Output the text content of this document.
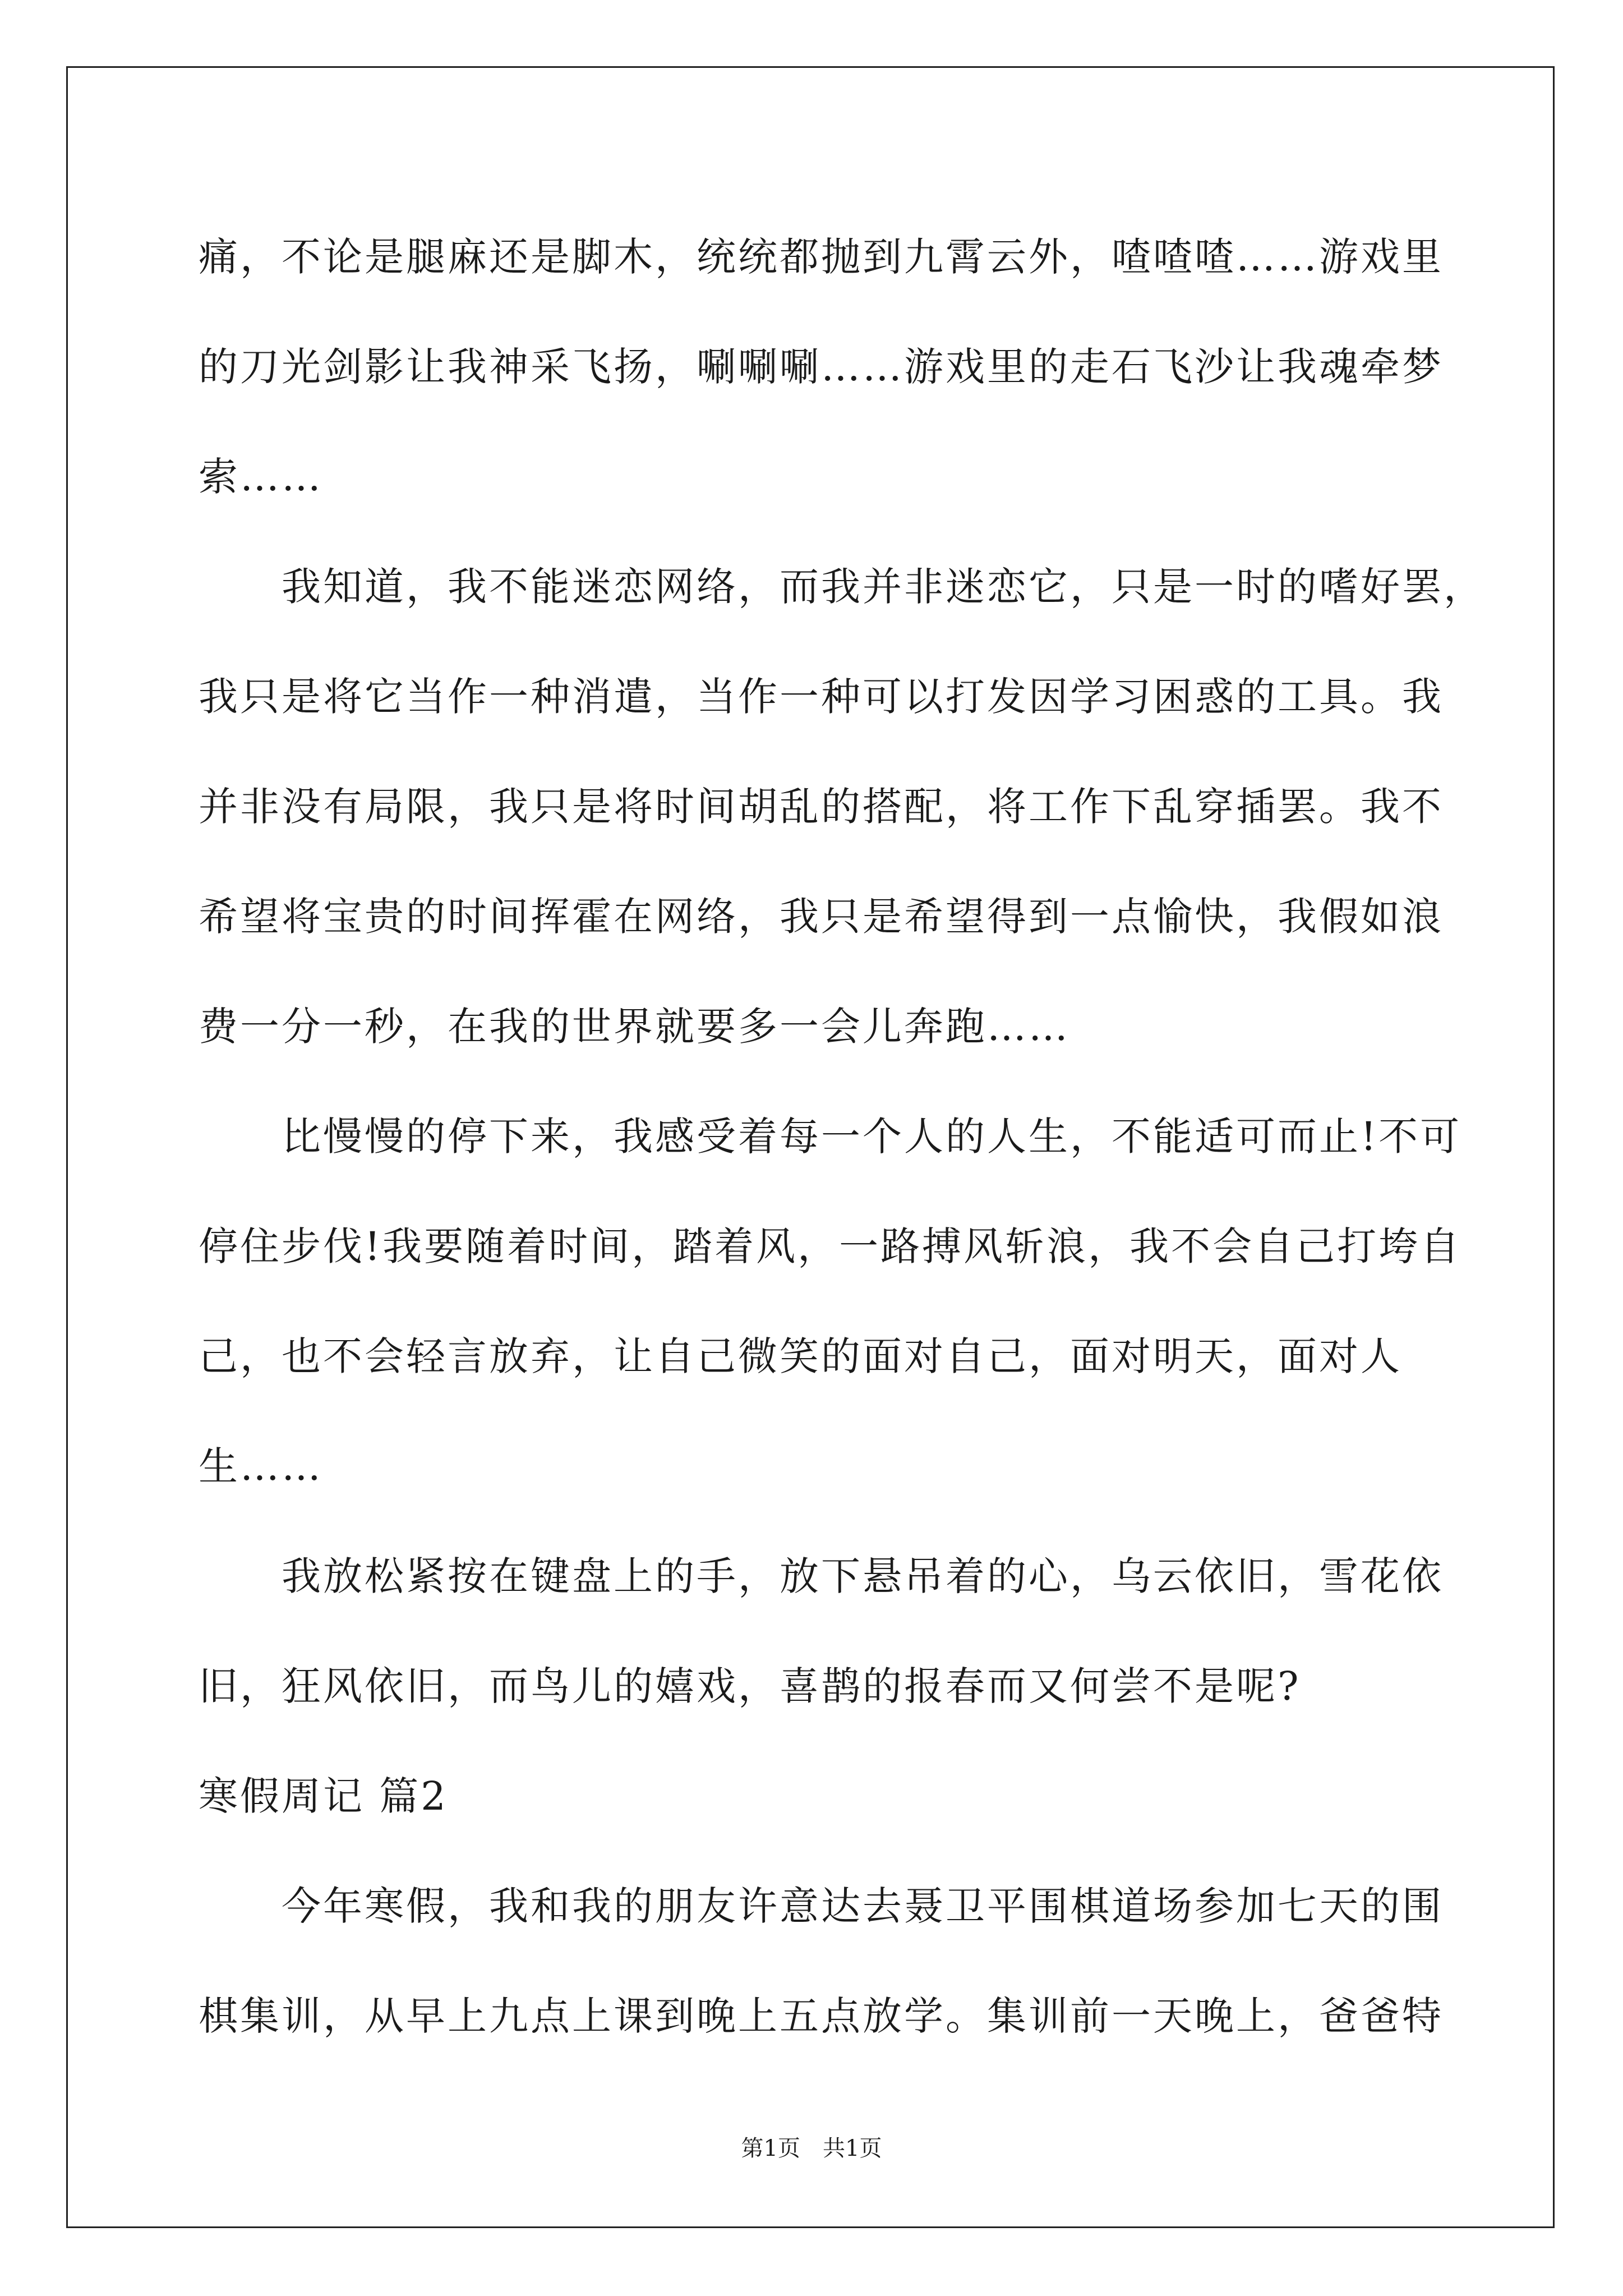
痛，不论是腿麻还是脚木，统统都抛到九霄云外，喳喳喳……游戏里
的刀光剑影让我神采飞扬，唰唰唰……游戏里的走石飞沙让我魂牵梦
索……
我知道，我不能迷恋网络，而我并非迷恋它，只是一时的嗜好罢，
我只是将它当作一种消遣，当作一种可以打发因学习困惑的工具。我
并非没有局限，我只是将时间胡乱的搭配，将工作下乱穿插罢。我不
希望将宝贵的时间挥霍在网络，我只是希望得到一点愉快，我假如浪
费一分一秒，在我的世界就要多一会儿奔跑……
比慢慢的停下来，我感受着每一个人的人生，不能适可而止!不可
停住步伐!我要随着时间，踏着风，一路搏风斩浪，我不会自己打垮自
己，也不会轻言放弃，让自己微笑的面对自己，面对明天，面对人
生……
我放松紧按在键盘上的手，放下悬吊着的心，乌云依旧，雪花依
旧，狂风依旧，而鸟儿的嬉戏，喜鹊的报春而又何尝不是呢?
寒假周记 篇2
今年寒假，我和我的朋友许意达去聂卫平围棋道场参加七天的围
棋集训，从早上九点上课到晚上五点放学。集训前一天晚上，爸爸特
第1页 共1页
